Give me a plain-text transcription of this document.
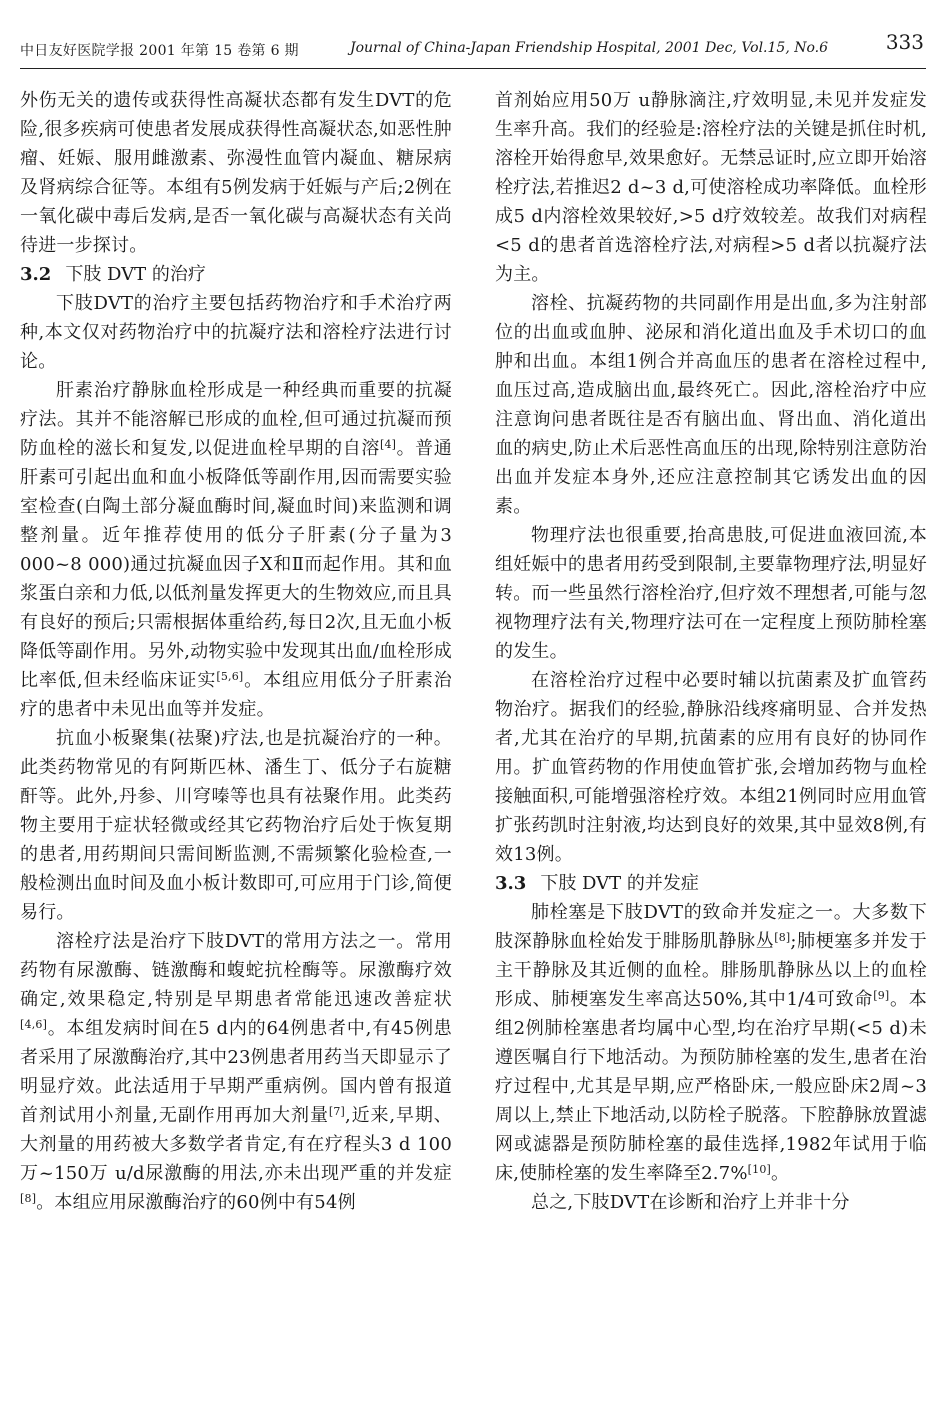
中日友好医院学报 2001 年第 15 卷第 6 期	Journal of China-Japan Friendship Hospital, 2001 Dec, Vol.15, No.6	333

外伤无关的遗传或获得性高凝状态都有发生DVT的危险,很多疾病可使患者发展成获得性高凝状态,如恶性肿瘤、妊娠、服用雌激素、弥漫性血管内凝血、糖尿病及肾病综合征等。本组有5例发病于妊娠与产后;2例在一氧化碳中毒后发病,是否一氧化碳与高凝状态有关尚待进一步探讨。

3.2 下肢 DVT 的治疗

下肢DVT的治疗主要包括药物治疗和手术治疗两种,本文仅对药物治疗中的抗凝疗法和溶栓疗法进行讨论。

肝素治疗静脉血栓形成是一种经典而重要的抗凝疗法。其并不能溶解已形成的血栓,但可通过抗凝而预防血栓的滋长和复发,以促进血栓早期的自溶[4]。普通肝素可引起出血和血小板降低等副作用,因而需要实验室检查(白陶土部分凝血酶时间,凝血时间)来监测和调整剂量。近年推荐使用的低分子肝素(分子量为3 000~8 000)通过抗凝血因子Ⅹ和Ⅱ而起作用。其和血浆蛋白亲和力低,以低剂量发挥更大的生物效应,而且具有良好的预后;只需根据体重给药,每日2次,且无血小板降低等副作用。另外,动物实验中发现其出血/血栓形成比率低,但未经临床证实[5,6]。本组应用低分子肝素治疗的患者中未见出血等并发症。

抗血小板聚集(祛聚)疗法,也是抗凝治疗的一种。此类药物常见的有阿斯匹林、潘生丁、低分子右旋糖酐等。此外,丹参、川穹嗪等也具有祛聚作用。此类药物主要用于症状轻微或经其它药物治疗后处于恢复期的患者,用药期间只需间断监测,不需频繁化验检查,一般检测出血时间及血小板计数即可,可应用于门诊,简便易行。

溶栓疗法是治疗下肢DVT的常用方法之一。常用药物有尿激酶、链激酶和蝮蛇抗栓酶等。尿激酶疗效确定,效果稳定,特别是早期患者常能迅速改善症状[4,6]。本组发病时间在5 d内的64例患者中,有45例患者采用了尿激酶治疗,其中23例患者用药当天即显示了明显疗效。此法适用于早期严重病例。国内曾有报道首剂试用小剂量,无副作用再加大剂量[7],近来,早期、大剂量的用药被大多数学者肯定,有在疗程头3 d 100万~150万 u/d尿激酶的用法,亦未出现严重的并发症[8]。本组应用尿激酶治疗的60例中有54例

首剂始应用50万 u静脉滴注,疗效明显,未见并发症发生率升高。我们的经验是:溶栓疗法的关键是抓住时机,溶栓开始得愈早,效果愈好。无禁忌证时,应立即开始溶栓疗法,若推迟2 d~3 d,可使溶栓成功率降低。血栓形成5 d内溶栓效果较好,>5 d疗效较差。故我们对病程<5 d的患者首选溶栓疗法,对病程>5 d者以抗凝疗法为主。

溶栓、抗凝药物的共同副作用是出血,多为注射部位的出血或血肿、泌尿和消化道出血及手术切口的血肿和出血。本组1例合并高血压的患者在溶栓过程中,血压过高,造成脑出血,最终死亡。因此,溶栓治疗中应注意询问患者既往是否有脑出血、肾出血、消化道出血的病史,防止术后恶性高血压的出现,除特别注意防治出血并发症本身外,还应注意控制其它诱发出血的因素。

物理疗法也很重要,抬高患肢,可促进血液回流,本组妊娠中的患者用药受到限制,主要靠物理疗法,明显好转。而一些虽然行溶栓治疗,但疗效不理想者,可能与忽视物理疗法有关,物理疗法可在一定程度上预防肺栓塞的发生。

在溶栓治疗过程中必要时辅以抗菌素及扩血管药物治疗。据我们的经验,静脉沿线疼痛明显、合并发热者,尤其在治疗的早期,抗菌素的应用有良好的协同作用。扩血管药物的作用使血管扩张,会增加药物与血栓接触面积,可能增强溶栓疗效。本组21例同时应用血管扩张药凯时注射液,均达到良好的效果,其中显效8例,有效13例。

3.3 下肢 DVT 的并发症

肺栓塞是下肢DVT的致命并发症之一。大多数下肢深静脉血栓始发于腓肠肌静脉丛[8];肺梗塞多并发于主干静脉及其近侧的血栓。腓肠肌静脉丛以上的血栓形成、肺梗塞发生率高达50%,其中1/4可致命[9]。本组2例肺栓塞患者均属中心型,均在治疗早期(<5 d)未遵医嘱自行下地活动。为预防肺栓塞的发生,患者在治疗过程中,尤其是早期,应严格卧床,一般应卧床2周~3周以上,禁止下地活动,以防栓子脱落。下腔静脉放置滤网或滤器是预防肺栓塞的最佳选择,1982年试用于临床,使肺栓塞的发生率降至2.7%[10]。

总之,下肢DVT在诊断和治疗上并非十分
